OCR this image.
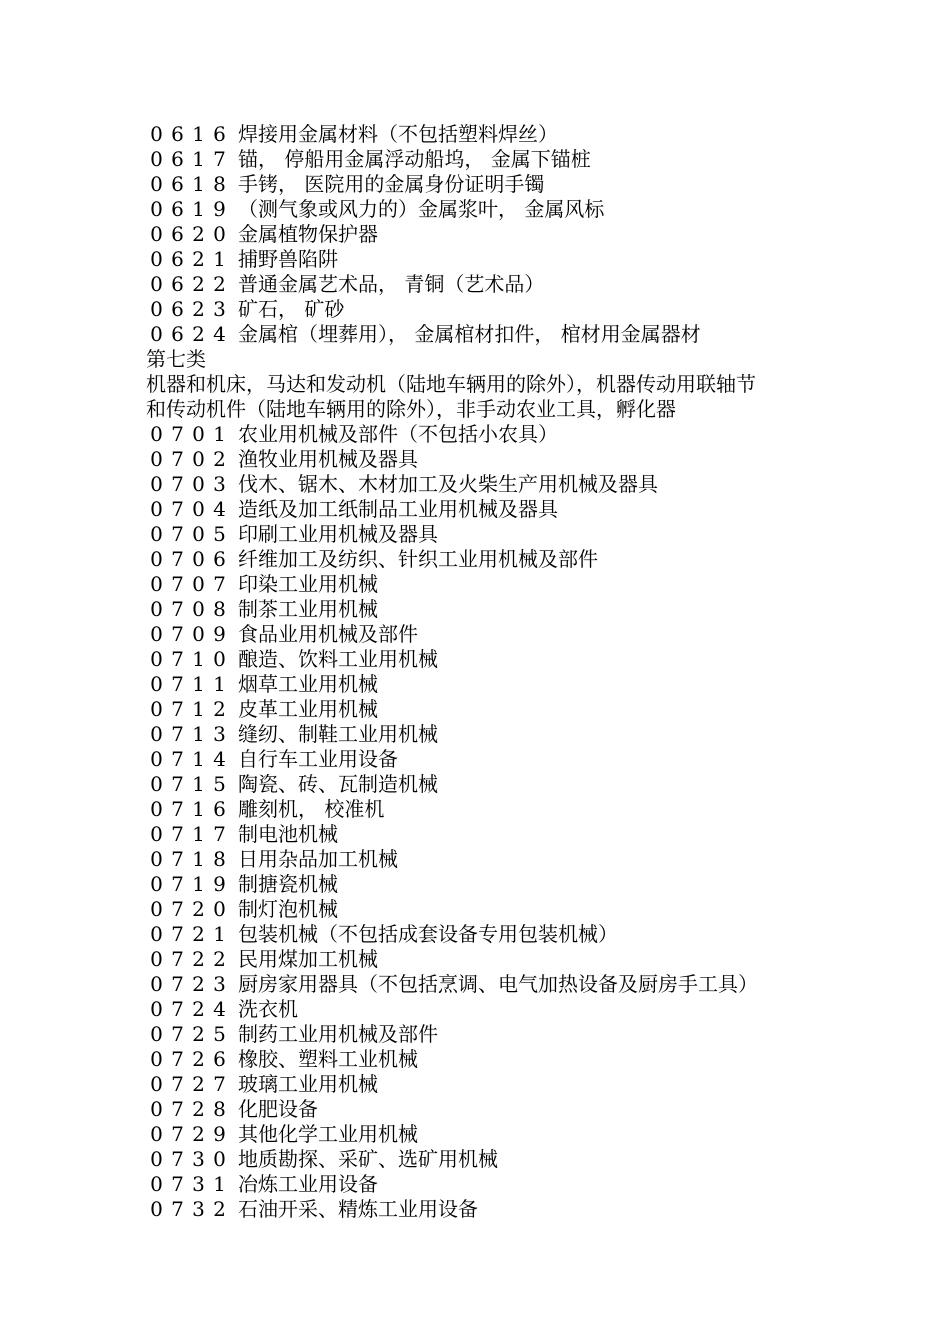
0 6 1 6 焊接用金属材料（不包括塑料焊丝）
0 6 1 7 锚， 停船用金属浮动船坞， 金属下锚桩
0 6 1 8 手铐， 医院用的金属身份证明手镯
0 6 1 9 （测气象或风力的）金属浆叶， 金属风标
0 6 2 0 金属植物保护器
0 6 2 1 捕野兽陷阱
0 6 2 2 普通金属艺术品， 青铜（艺术品）
0 6 2 3 矿石， 矿砂
0 6 2 4 金属棺（埋葬用）， 金属棺材扣件， 棺材用金属器材
第七类
机器和机床，马达和发动机（陆地车辆用的除外），机器传动用联轴节
和传动机件（陆地车辆用的除外），非手动农业工具，孵化器
0 7 0 1 农业用机械及部件（不包括小农具）
0 7 0 2 渔牧业用机械及器具
0 7 0 3 伐木、锯木、木材加工及火柴生产用机械及器具
0 7 0 4 造纸及加工纸制品工业用机械及器具
0 7 0 5 印刷工业用机械及器具
0 7 0 6 纤维加工及纺织、针织工业用机械及部件
0 7 0 7 印染工业用机械
0 7 0 8 制茶工业用机械
0 7 0 9 食品业用机械及部件
0 7 1 0 酿造、饮料工业用机械
0 7 1 1 烟草工业用机械
0 7 1 2 皮革工业用机械
0 7 1 3 缝纫、制鞋工业用机械
0 7 1 4 自行车工业用设备
0 7 1 5 陶瓷、砖、瓦制造机械
0 7 1 6 雕刻机， 校准机
0 7 1 7 制电池机械
0 7 1 8 日用杂品加工机械
0 7 1 9 制搪瓷机械
0 7 2 0 制灯泡机械
0 7 2 1 包装机械（不包括成套设备专用包装机械）
0 7 2 2 民用煤加工机械
0 7 2 3 厨房家用器具（不包括烹调、电气加热设备及厨房手工具）
0 7 2 4 洗衣机
0 7 2 5 制药工业用机械及部件
0 7 2 6 橡胶、塑料工业机械
0 7 2 7 玻璃工业用机械
0 7 2 8 化肥设备
0 7 2 9 其他化学工业用机械
0 7 3 0 地质勘探、采矿、选矿用机械
0 7 3 1 冶炼工业用设备
0 7 3 2 石油开采、精炼工业用设备
